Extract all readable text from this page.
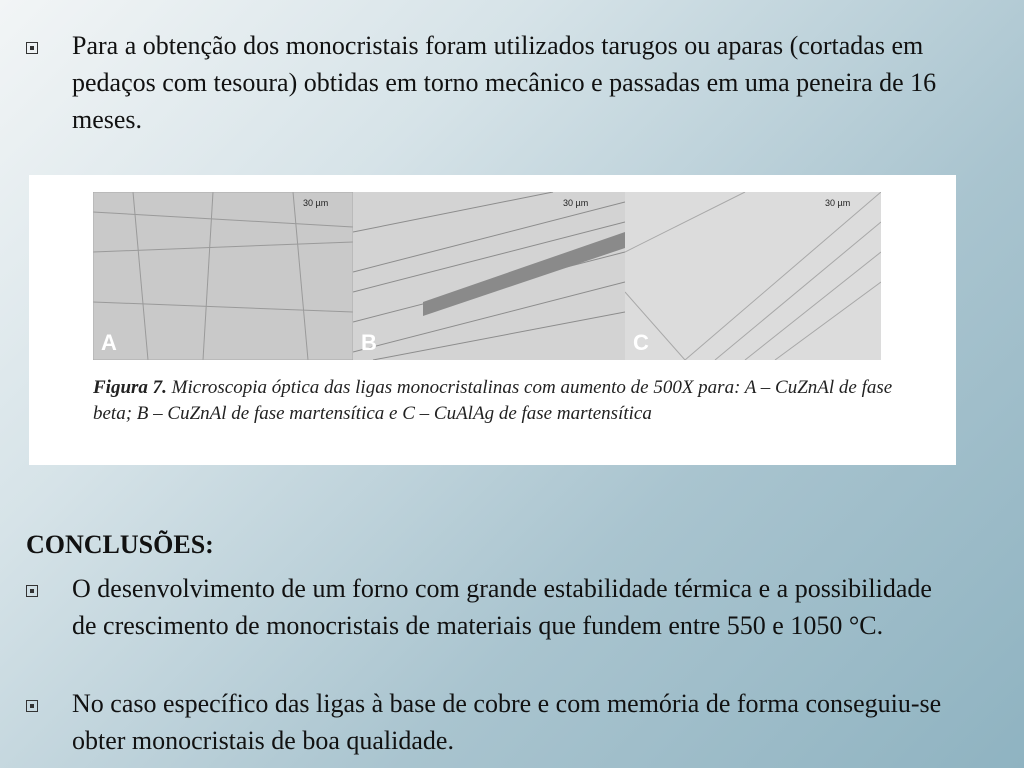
Para a obtenção dos monocristais foram utilizados tarugos ou aparas (cortadas em pedaços com tesoura) obtidas em torno mecânico e passadas em uma peneira de 16 meses.
30 µm
A
30 µm
B
30 µm
C
Figura 7. Microscopia óptica das ligas monocristalinas com aumento de 500X para: A – CuZnAl de fase beta; B – CuZnAl de fase martensítica e C – CuAlAg de fase martensítica
CONCLUSÕES:
O desenvolvimento de um forno com grande estabilidade térmica e a possibilidade de crescimento de monocristais de materiais que fundem entre 550 e 1050 °C.
No caso específico das ligas à base de cobre e com memória de forma conseguiu-se obter monocristais de boa qualidade.
